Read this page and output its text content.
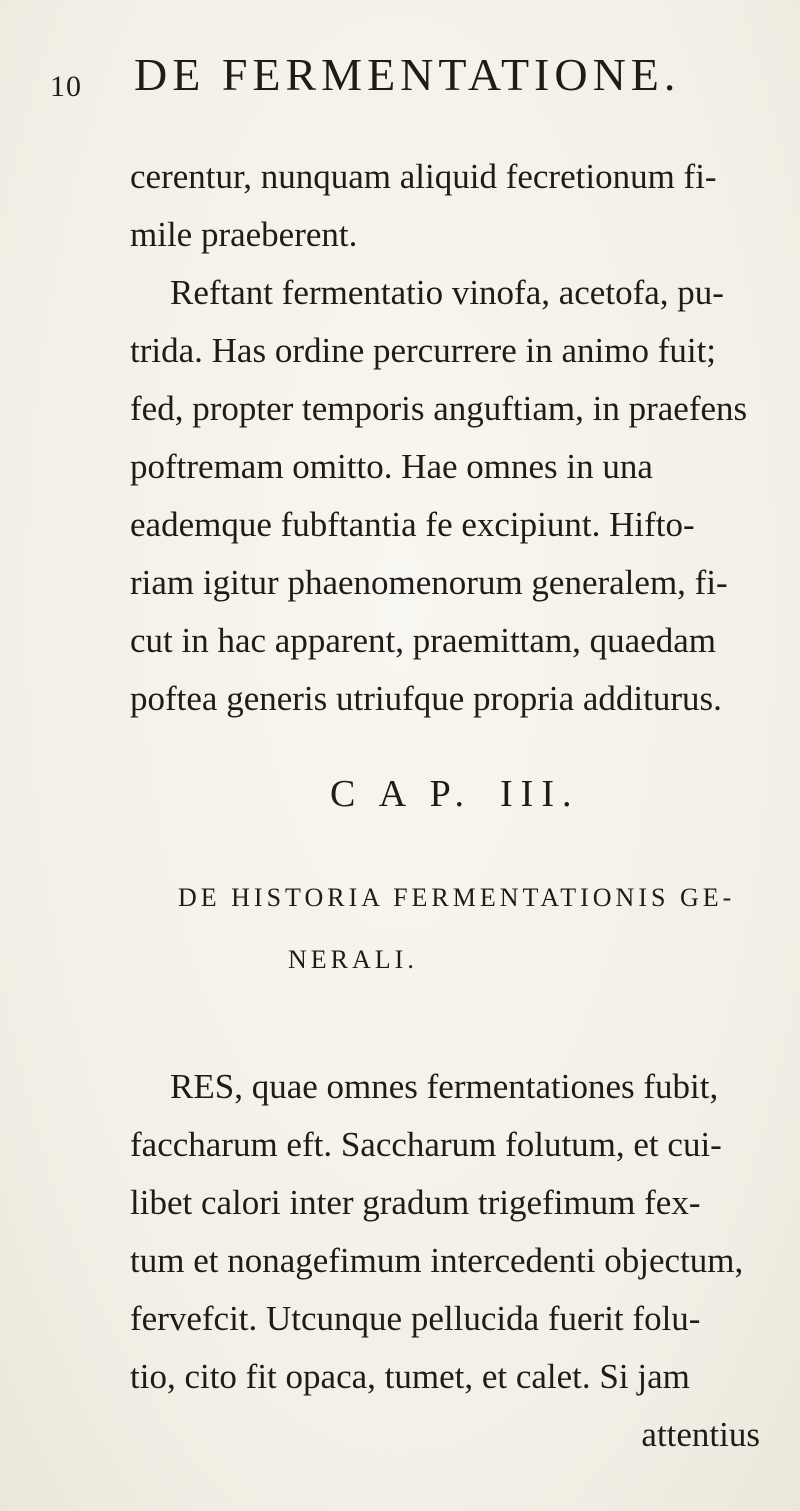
10 DE FERMENTATIONE.
cerentur, nunquam aliquid fecretionum fi-
mile praeberent.
Reftant fermentatio vinofa, acetofa, pu-
trida. Has ordine percurrere in animo fuit;
fed, propter temporis anguftiam, in praefens
poftremam omitto. Hae omnes in una
eademque fubftantia fe excipiunt. Hifto-
riam igitur phaenomenorum generalem, fi-
cut in hac apparent, praemittam, quaedam
poftea generis utriufque propria additurus.
C A P. III.
DE HISTORIA FERMENTATIONIS GE-
NERALI.
RES, quae omnes fermentationes fubit,
faccharum eft. Saccharum folutum, et cui-
libet calori inter gradum trigefimum fex-
tum et nonagefimum intercedenti objectum,
fervefcit. Utcunque pellucida fuerit folu-
tio, cito fit opaca, tumet, et calet. Si jam
attentius
